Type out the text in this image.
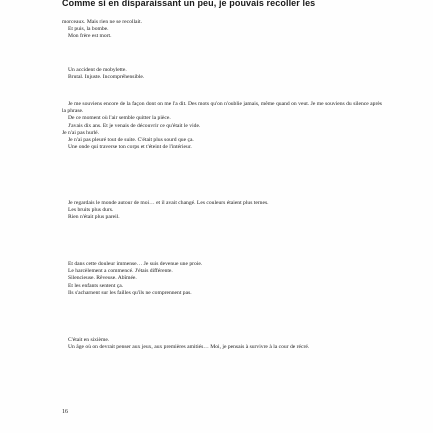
Comme si en disparaissant un peu, je pouvais recoller les

morceaux. Mais rien ne se recollait.

Et puis, la bombe.

Mon frère est mort.

Un accident de mobylette.

Brutal. Injuste. Incompréhensible.

Je me souviens encore de la façon dont on me l'a dit. Des mots qu'on n'oublie jamais, même quand on veut. Je me souviens du silence après la phrase.

De ce moment où l'air semble quitter la pièce.

J'avais dix ans. Et je venais de découvrir ce qu'était le vide.

Je n'ai pas hurlé.

Je n'ai pas pleuré tout de suite. C'était plus sourd que ça.

Une onde qui traverse ton corps et t'éteint de l'intérieur.

Je regardais le monde autour de moi… et il avait changé. Les couleurs étaient plus ternes.

Les bruits plus durs.

Rien n'était plus pareil.

Et dans cette douleur immense… Je suis devenue une proie.

Le harcèlement a commencé. J'étais différente.

Silencieuse. Rêveuse. Abîmée.

Et les enfants sentent ça.

Ils s'acharnent sur les failles qu'ils ne comprennent pas.

C'était en sixième.

Un âge où on devrait penser aux jeux, aux premières amitiés… Moi, je pensais à survivre à la cour de récré.

16
